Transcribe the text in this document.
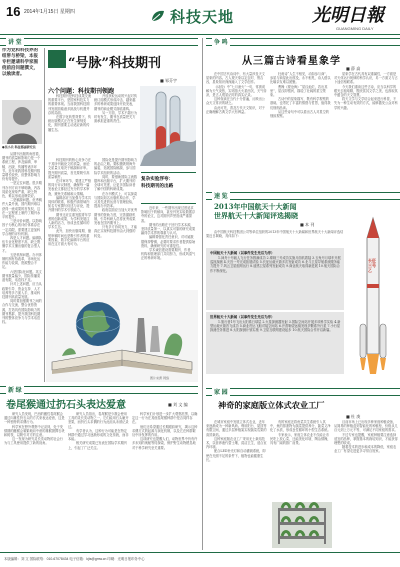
16 2014年1月15日 星期四	科技天地	光明日報
GUANGMING DAILY
讲 堂
作为党和科技界的纽带与桥梁，本报专栏邀请科学家围绕前沿问题撰文，以飨读者。
●吴小兵 科技部副研究员

从期刊出版的角度看，期刊的质量和影响力是一个系统工程，涉及编辑、审稿、出版、传播等诸多环节。近年来我国科技期刊数量增长较快，但整体影响力仍有待提升。

一是定位问题。很多期刊办刊方向不够明确，内容同质化现象严重，缺乏特色，难以形成品牌效应。

二是稿源问题。优秀稿件大量外流，国内期刊难以获得一流成果的首发权，这在一定程度上制约了期刊水平的提升。

三是评价问题。以影响因子为核心的评价体系存在一定局限，需要建立更加科学合理的评价机制。

四是人才问题。编辑队伍专业化程度不高，缺乏既懂学术又懂出版的复合型人才。

五是机制问题。办刊体制机制有待改革，市场化运作能力较弱，资源整合不足。

六是国际化问题。英文期刊数量偏少，国际传播渠道有限，话语权不足。

针对上述问题，应当从政策引导、资金支持、人才培养等多方面入手，推动科技期刊高质量发展。

同时要加强期刊之间的合作与交流，整合优势资源，打造具有国际影响力的期刊集群，提升我国科技期刊的整体竞争力与学术话语权。

“号脉”科技期刊
■ 邹芬宇
六个问题：科技期刊领跑

科技期刊是科技成果交流的重要平台，是国家科技实力的重要体现。当前我国科技期刊发展面临诸多挑战与机遇并存的局面。

在数字化转型背景下，传统出版模式正在发生深刻变化，期刊需要主动适应新的传播生态。

开放获取运动的兴起对传统订阅模式形成冲击，越来越多的科研成果选择开放发表，期刊的商业模式面临重构。

另一方面，学术不端行为时有发生，期刊在质量把关方面承担更重的责任。

科技期刊的核心竞争力在于其所刊载论文的质量，而论文质量又取决于稿源和评审。提升期刊质量，首先要吸引高质量稿件。

在评审环节，要建立严格的同行评议制度，确保每一篇发表论文都经过充分的学术审查，避免关系稿和人情稿。

编辑部应当加强与学术共同体的联系，积极约请领域内知名专家撰写综述与评论，提升期刊的学术引领能力。

期刊还应注重发掘青年学者的创新成果，为学科发展注入新的活力，形成良性循环的学术生态。

此外，加快出版周期、缩短审稿时间也是吸引作者的重要因素，数字化编辑平台的应用在这方面大有可为。

国际化是提升期刊影响力的必由之路。要积极吸纳海外编委，拓展国际稿源，参与国际学术组织的活动。

同时，要借助国际主流数据库和出版平台，扩大期刊的全球可见度，让更多国际读者了解中国的科研成果。

在办刊模式上，可以探索与国际知名出版机构合作，学习其先进的运营与管理经验，提高办刊效率。

政府层面应当加大对优秀期刊的资助力度，完善激励机制，引导科研人员将优秀成果发表在国内期刊上。

只有多方协同发力，才能真正实现科技期刊由大到强的转变。

复杂实验浮夸：
科技期刊的出路

近年来，一些期刊出现过度追求影响因子的倾向，甚至刊发实验数据浮夸的论文，这对期刊声誉造成严重损害。

期刊的出路在于回归学术本源，坚持质量第一，以真实可靠的研究成果赢得学术界的尊重与认可。

编辑要强化责任意识，对可疑数据保持警惕，必要时要求作者提供原始资料，确保研究的可重复性。

学术诚信建设需要期刊、作者、机构和管理部门共同努力，形成风清气正的科研环境。

图片来源 网络
争 鸣
从三篇古诗看星象学
■ 薛 高

在中国古代诗词中，有大量涉及天文星象的内容。古人观天象以定农时、察吉凶，星象知识深深融入了文学创作。

《诗经》中“七月流火”一句，常被误解为天气炎热，实则指大火星西沉，天气转凉，是古人观星记时的真实记录。

这种误读在当代十分普遍，反映出公众天文常识的缺乏。

由此可见，普及古代天文知识，对于正确理解古典文学大有裨益。

杜甫诗“人生不相见，动如参与商”，参星与商星此出彼没，永不相见，诗人借以比喻亲友难以团聚。

曹操《观沧海》“星汉灿烂，若出其里”，星汉即银河，描绘了壮阔的星空景象。

古诗中的星象描写，既有科学观察的基础，也寄托了丰富的情感与哲思，值得我们细细品读。

从这些诗句中可以看出古人对星空的细致观察。

星象学在古代具有双重属性，一方面是对天体运行规律的科学认识，另一方面又与占卜迷信相联系。

今天我们重读这些古诗，应当以科学的眼光去粗取精，既欣赏其文学之美，也汲取其中蕴含的天文智慧。

将天文学与文学结合起来进行科普，不失为一种生动有效的方式，能够激发公众对科学的兴趣。

速 览
2013年中国航天十大新闻
世界航天十大新闻评选揭晓
■ 本 刊

由中国航天科技集团公司等单位组织的2013年中国航天十大新闻和世界航天十大新闻评选结果近日揭晓，具体如下：

中国航天十大新闻（以事件发生先后为序）

1.神舟十号载人飞行任务圆满成功 2.嫦娥三号成功实施月面软着陆 3.玉兔号月球车开展巡视探测 4.天宫一号完成拓展试验 5.长征运载火箭多次发射成功 6.北斗卫星导航系统服务能力提升 7.风云卫星组网运行 8.遥感卫星系列发射成功 9.商业航天取得新进展 10.航天国际合作不断深化。

世界航天十大新闻（以事件发生先后为序）

1.旅行者1号飞出太阳系日球层 2.火星探测器发射 3.国际空间站开展多项科学实验 4.新型运载火箭首飞成功 5.商业货运飞船对接空间站 6.开普勒望远镜发现多颗系外行星 7.小行星探测任务推进 8.太阳探测计划实施 9.卫星互联网建设起步 10.航天国际合作开启新篇。

长征三号乙
家 园
神奇的家庭版立体式农业工厂
■ 杜 庚

在城市家庭中发展立体式农业，近年来逐渐成为一种新风尚。利用阳台、屋顶等有限空间，通过多层种植架实现蔬菜瓜果的高效栽培。

这种家庭版农业工厂采用无土栽培技术，以营养液代替土壤，清洁卫生，适合室内环境。

配合LED补光灯和自动灌溉系统，即使在光照不足的条件下，植物也能健康生长。

有的家庭还将鱼菜共生系统引入其中，鱼的排泄物为蔬菜提供养分，蔬菜又净化了水质，形成良性循环的小型生态系统。

专家表示，家庭立体农业不仅能让市民吃上放心菜，还能美化环境、陶冶情操，具有广阔的推广前景。

目前市场上已出现多种家庭种植设备，从简易的种植盒到智能化的种植柜，价格从几百元到上万元不等，可满足不同家庭的需求。

不过专家也提醒，家庭种植要注意选择适宜的品种，掌握基本的栽培知识，才能获得理想的收成。

随着技术的进步和成本的降低，家庭农业工厂有望走进更多寻常百姓家。

新 绿
卷尾猴通过扔石头表达爱意	■ 刘 文 编

研究人员发现，巴西的雌性卷尾猴会通过向雄性扔石头的方式来表达爱意，这是一种独特的求偶行为。

科学家在野外观察中记录到，处于发情期的雌猴会频繁地向中意的雄猴抛掷石块和树枝，以吸引对方的注意。

这一发现为研究灵长类动物的社会行为与工具使用提供了新的视角。

研究人员指出，卷尾猴是少数会使用工具的灵长类动物之一，它们能用石头砸开坚果，而扔石头求偶的行为此前从未被记录过。

有学者认为，这种行为可能是在特定种群中通过学习逐渐形成的文化传统，而非本能。

相关研究成果已发表在国际学术期刊上，引起了广泛关注。

科学家们计划进一步扩大观察范围，以确定这一行为在其他卷尾猴种群中是否同样存在。

他们还希望通过长期跟踪研究，揭示这种求偶方式的起源与演化机制，以及它在种群繁衍中所发挥的作用。

这项研究也提醒人们，动物世界中仍有许多未知的奥秘等待探索，保护野生动物栖息地对于科学研究至关重要。

本版编辑：刘 文 国际联络：010-67078434 电子信箱：kjts@gmw.cn 印刷：光明日报印务中心
